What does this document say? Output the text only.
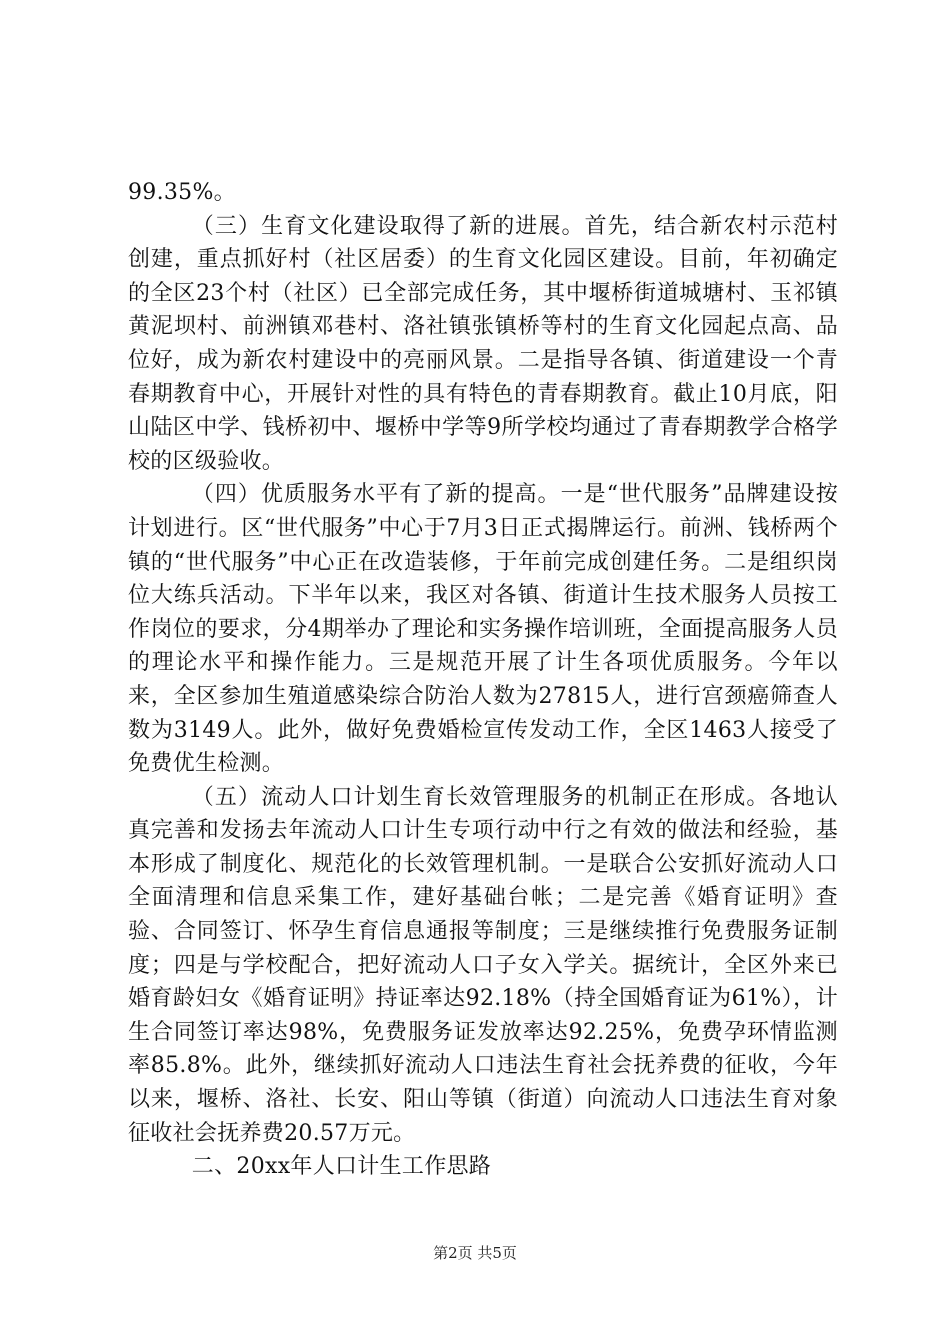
99.35%。

（三）生育文化建设取得了新的进展。首先，结合新农村示范村创建，重点抓好村（社区居委）的生育文化园区建设。目前，年初确定的全区23个村（社区）已全部完成任务，其中堰桥街道城塘村、玉祁镇黄泥坝村、前洲镇邓巷村、洛社镇张镇桥等村的生育文化园起点高、品位好，成为新农村建设中的亮丽风景。二是指导各镇、街道建设一个青春期教育中心，开展针对性的具有特色的青春期教育。截止10月底，阳山陆区中学、钱桥初中、堰桥中学等9所学校均通过了青春期教学合格学校的区级验收。

（四）优质服务水平有了新的提高。一是“世代服务”品牌建设按计划进行。区“世代服务”中心于7月3日正式揭牌运行。前洲、钱桥两个镇的“世代服务”中心正在改造装修，于年前完成创建任务。二是组织岗位大练兵活动。下半年以来，我区对各镇、街道计生技术服务人员按工作岗位的要求，分4期举办了理论和实务操作培训班，全面提高服务人员的理论水平和操作能力。三是规范开展了计生各项优质服务。今年以来，全区参加生殖道感染综合防治人数为27815人，进行宫颈癌筛查人数为3149人。此外，做好免费婚检宣传发动工作，全区1463人接受了免费优生检测。

（五）流动人口计划生育长效管理服务的机制正在形成。各地认真完善和发扬去年流动人口计生专项行动中行之有效的做法和经验，基本形成了制度化、规范化的长效管理机制。一是联合公安抓好流动人口全面清理和信息采集工作，建好基础台帐；二是完善《婚育证明》查验、合同签订、怀孕生育信息通报等制度；三是继续推行免费服务证制度；四是与学校配合，把好流动人口子女入学关。据统计，全区外来已婚育龄妇女《婚育证明》持证率达92.18%（持全国婚育证为61%），计生合同签订率达98%，免费服务证发放率达92.25%，免费孕环情监测率85.8%。此外，继续抓好流动人口违法生育社会抚养费的征收，今年以来，堰桥、洛社、长安、阳山等镇（街道）向流动人口违法生育对象征收社会抚养费20.57万元。

二、20xx年人口计生工作思路

第2页 共5页
